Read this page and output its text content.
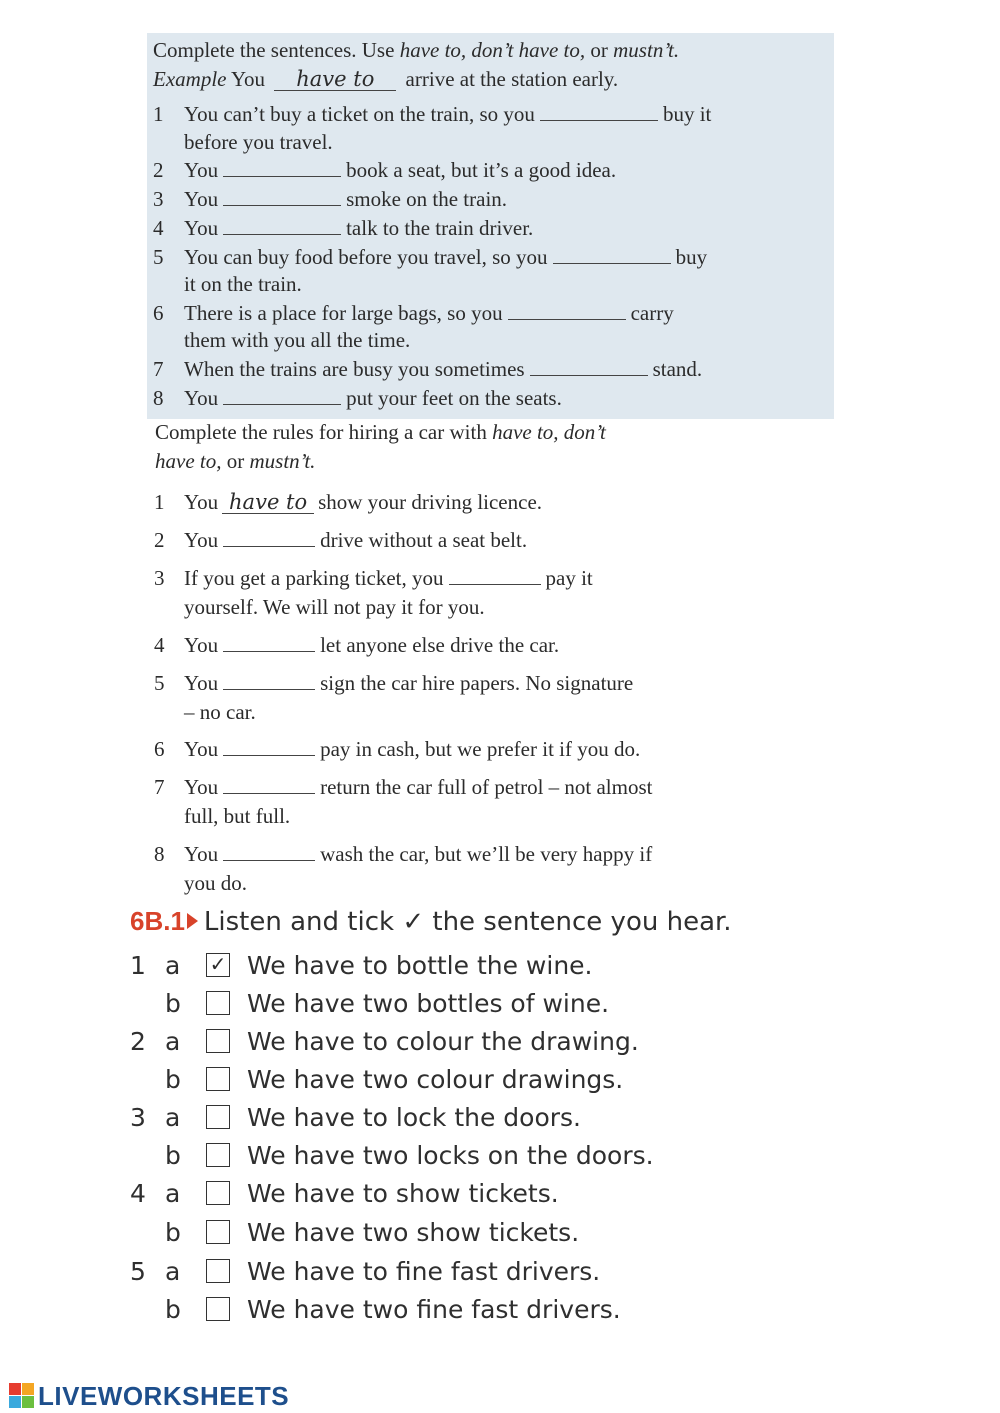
Complete the sentences. Use have to, don’t have to, or mustn’t.
Example You have to arrive at the station early.
1 You can’t buy a ticket on the train, so you	buy it
before you travel.
2 You	book a seat, but it’s a good idea.
3 You	smoke on the train.
4 You	talk to the train driver.
5 You can buy food before you travel, so you	buy
it on the train.
6 There is a place for large bags, so you	carry
them with you all the time.
7 When the trains are busy you sometimes	stand.
8 You	put your feet on the seats.
Complete the rules for hiring a car with have to, don’t
have to, or mustn’t.
1 You have to show your driving licence.
2 You	drive without a seat belt.
3 If you get a parking ticket, you	pay it
yourself. We will not pay it for you.
4 You	let anyone else drive the car.
5 You	sign the car hire papers. No signature
– no car.
6 You	pay in cash, but we prefer it if you do.
7 You	return the car full of petrol – not almost
full, but full.
8 You	wash the car, but we’ll be very happy if
you do.
6B.1 Listen and tick ✓ the sentence you hear.
1 a ✓ We have to bottle the wine.
b	We have two bottles of wine.
2 a	We have to colour the drawing.
b	We have two colour drawings.
3 a	We have to lock the doors.
b	We have two locks on the doors.
4 a	We have to show tickets.
b	We have two show tickets.
5 a	We have to fine fast drivers.
b	We have two fine fast drivers.
LIVEWORKSHEETS
